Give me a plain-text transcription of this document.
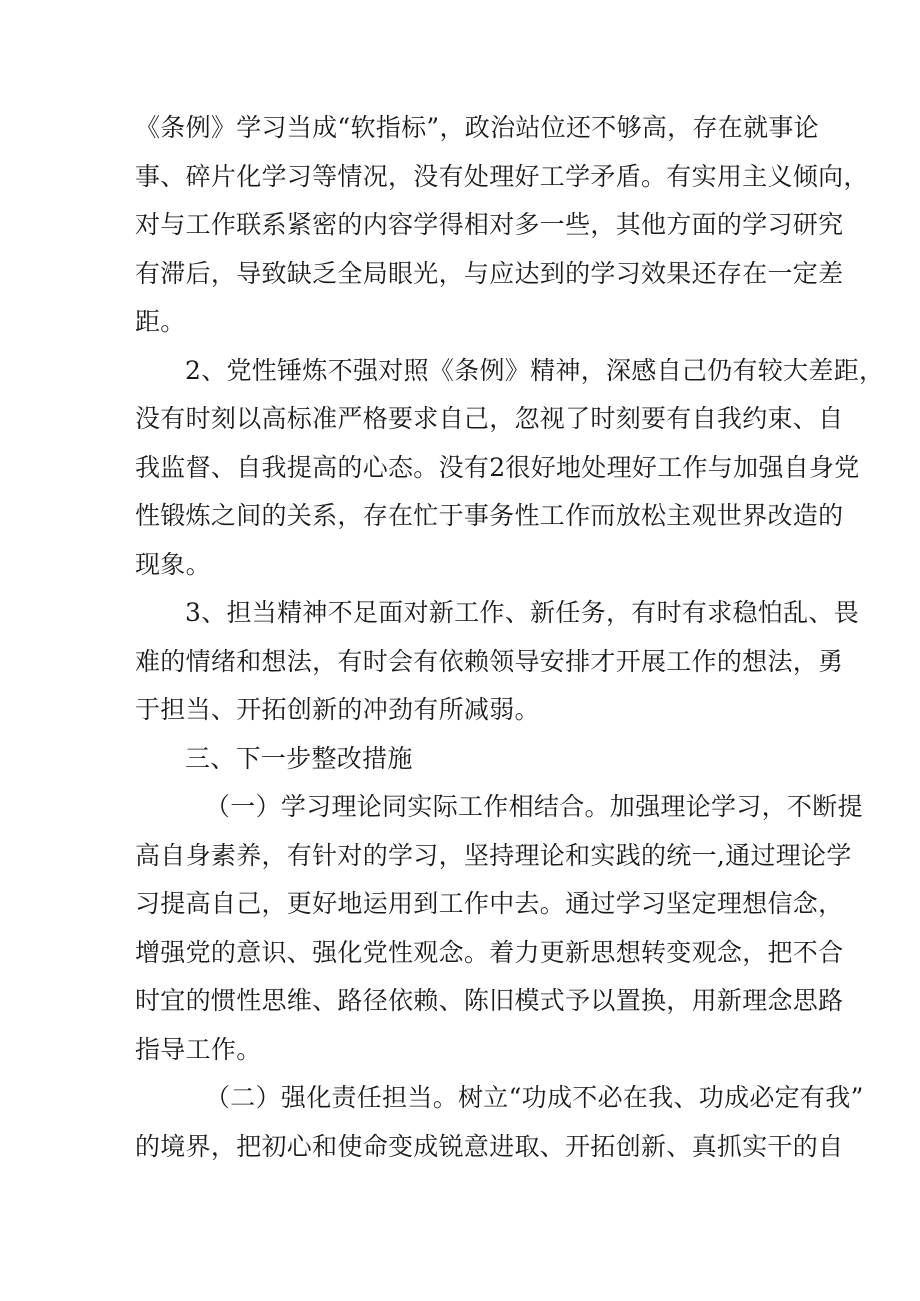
《条例》学习当成“软指标”，政治站位还不够高，存在就事论
事、碎片化学习等情况，没有处理好工学矛盾。有实用主义倾向，
对与工作联系紧密的内容学得相对多一些，其他方面的学习研究
有滞后，导致缺乏全局眼光，与应达到的学习效果还存在一定差
距。
2、党性锤炼不强对照《条例》精神，深感自己仍有较大差距，
没有时刻以高标准严格要求自己，忽视了时刻要有自我约束、自
我监督、自我提高的心态。没有2很好地处理好工作与加强自身党
性锻炼之间的关系，存在忙于事务性工作而放松主观世界改造的
现象。
3、担当精神不足面对新工作、新任务，有时有求稳怕乱、畏
难的情绪和想法，有时会有依赖领导安排才开展工作的想法，勇
于担当、开拓创新的冲劲有所减弱。
三、下一步整改措施
（一）学习理论同实际工作相结合。加强理论学习，不断提
高自身素养，有针对的学习，坚持理论和实践的统一,通过理论学
习提高自己，更好地运用到工作中去。通过学习坚定理想信念，
增强党的意识、强化党性观念。着力更新思想转变观念，把不合
时宜的惯性思维、路径依赖、陈旧模式予以置换，用新理念思路
指导工作。
（二）强化责任担当。树立“功成不必在我、功成必定有我”
的境界，把初心和使命变成锐意进取、开拓创新、真抓实干的自
